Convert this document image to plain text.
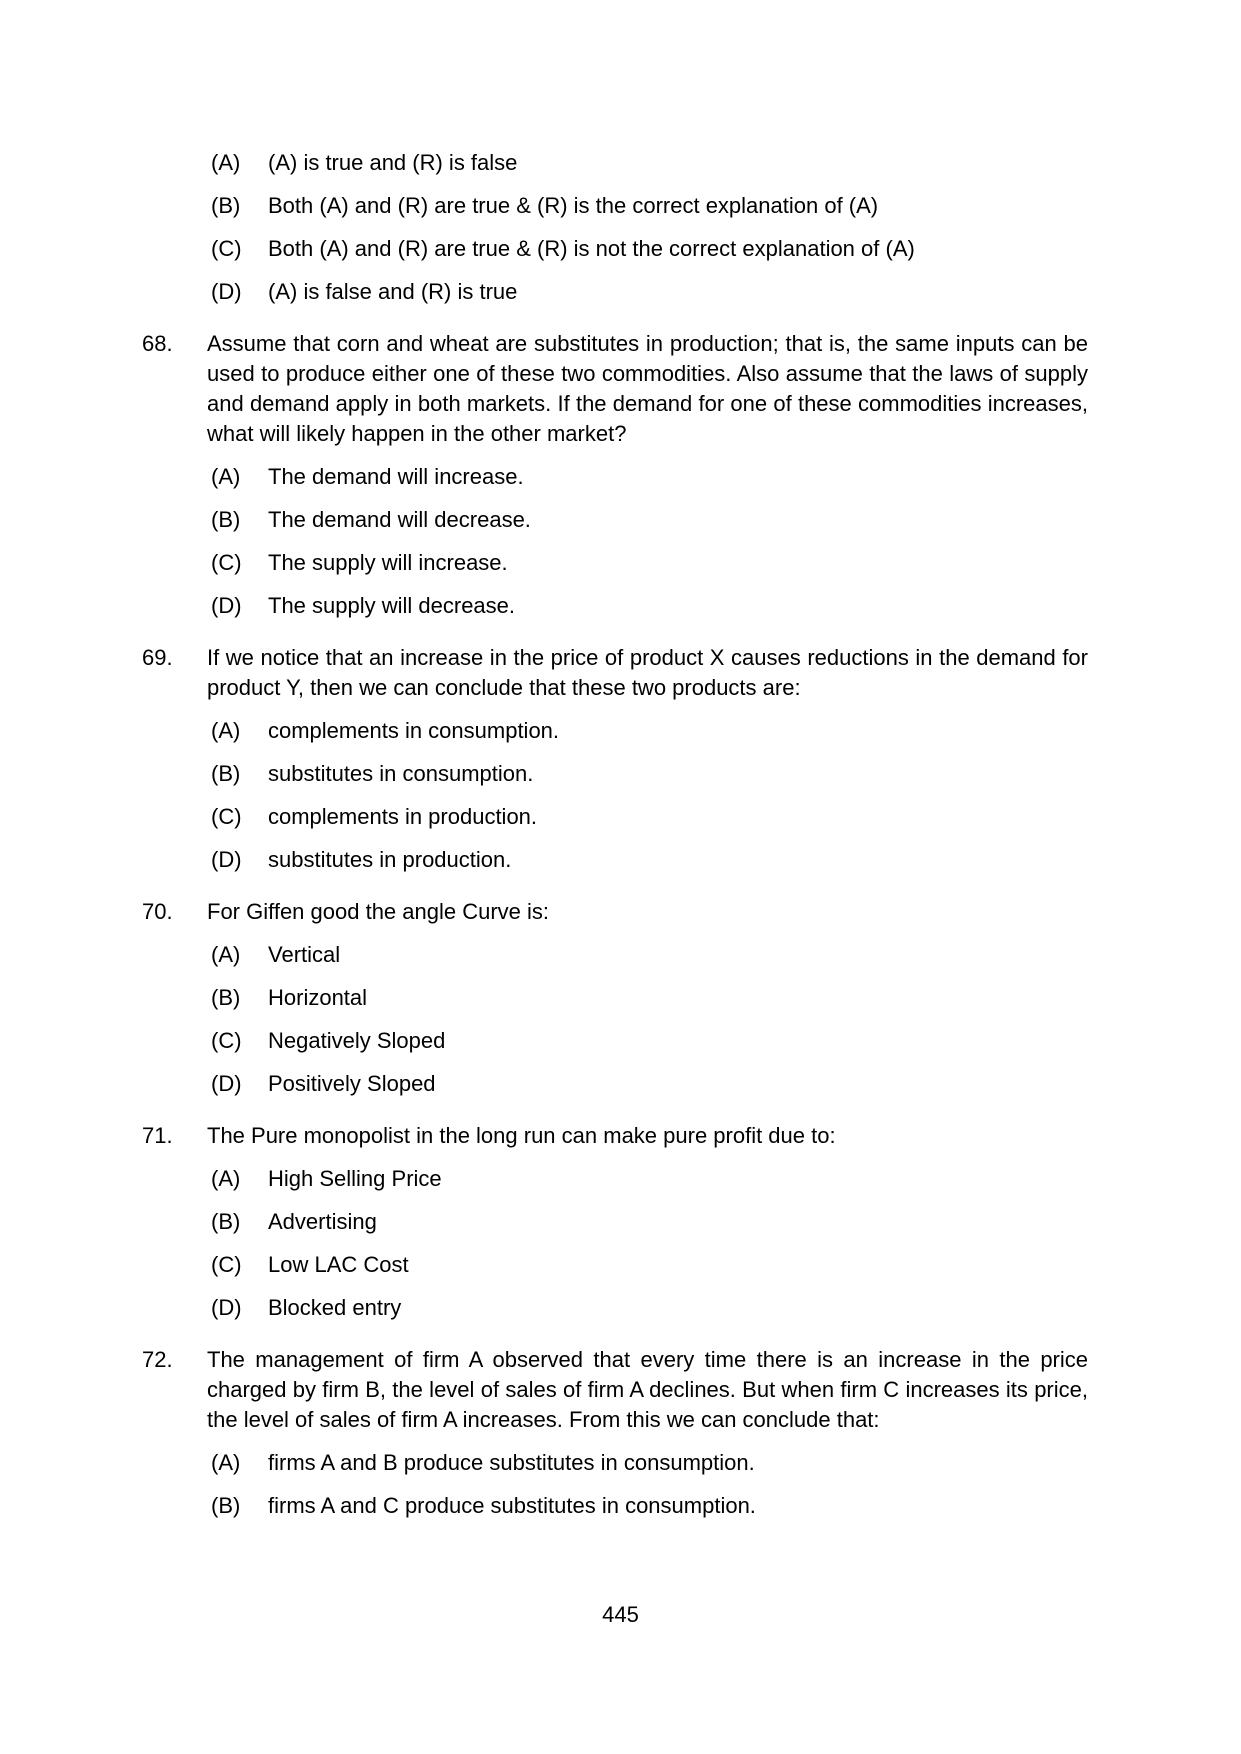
(A)	(A) is true and (R) is false
(B)	Both (A) and (R) are true & (R) is the correct explanation of (A)
(C)	Both (A) and (R) are true & (R) is not the correct explanation of (A)
(D)	(A) is false and (R) is true
68.	Assume that corn and wheat are substitutes in production; that is, the same inputs can be used to produce either one of these two commodities. Also assume that the laws of supply and demand apply in both markets. If the demand for one of these commodities increases, what will likely happen in the other market?
(A)	The demand will increase.
(B)	The demand will decrease.
(C)	The supply will increase.
(D)	The supply will decrease.
69.	If we notice that an increase in the price of product X causes reductions in the demand for product Y, then we can conclude that these two products are:
(A)	complements in consumption.
(B)	substitutes in consumption.
(C)	complements in production.
(D)	substitutes in production.
70.	For Giffen good the angle Curve is:
(A)	Vertical
(B)	Horizontal
(C)	Negatively Sloped
(D)	Positively Sloped
71.	The Pure monopolist in the long run can make pure profit due to:
(A)	High Selling Price
(B)	Advertising
(C)	Low LAC Cost
(D)	Blocked entry
72.	The management of firm A observed that every time there is an increase in the price charged by firm B, the level of sales of firm A declines. But when firm C increases its price, the level of sales of firm A increases. From this we can conclude that:
(A)	firms A and B produce substitutes in consumption.
(B)	firms A and C produce substitutes in consumption.
445
